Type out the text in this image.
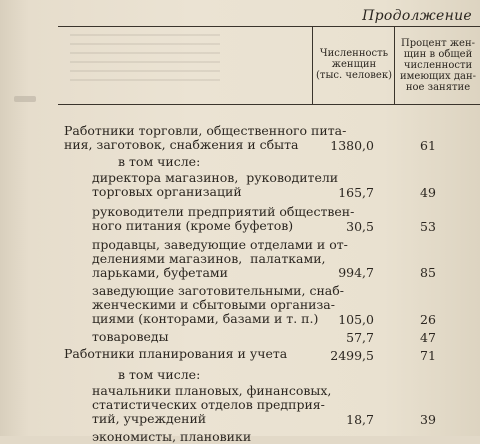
Продолжение
Численность
женщин
(тыс. человек)
Процент жен-
щин в общей
численности
имеющих дан-
ное занятие
Работники торговли, общественного пита-
ния, заготовок, снабжения и сбыта	1380,0	61
в том числе:
директора магазинов,  руководители
торговых организаций	165,7	49
руководители предприятий обществен-
ного питания (кроме буфетов)	30,5	53
продавцы, заведующие отделами и от-
делениями магазинов,  палатками,
ларьками, буфетами	994,7	85
заведующие заготовительными, снаб-
женческими и сбытовыми организа-
циями (конторами, базами и т. п.)	105,0	26
товароведы	57,7	47
Работники планирования и учета	2499,5	71
в том числе:
начальники плановых, финансовых,
статистических отделов предприя-
тий, учреждений	18,7	39
экономисты, плановики
